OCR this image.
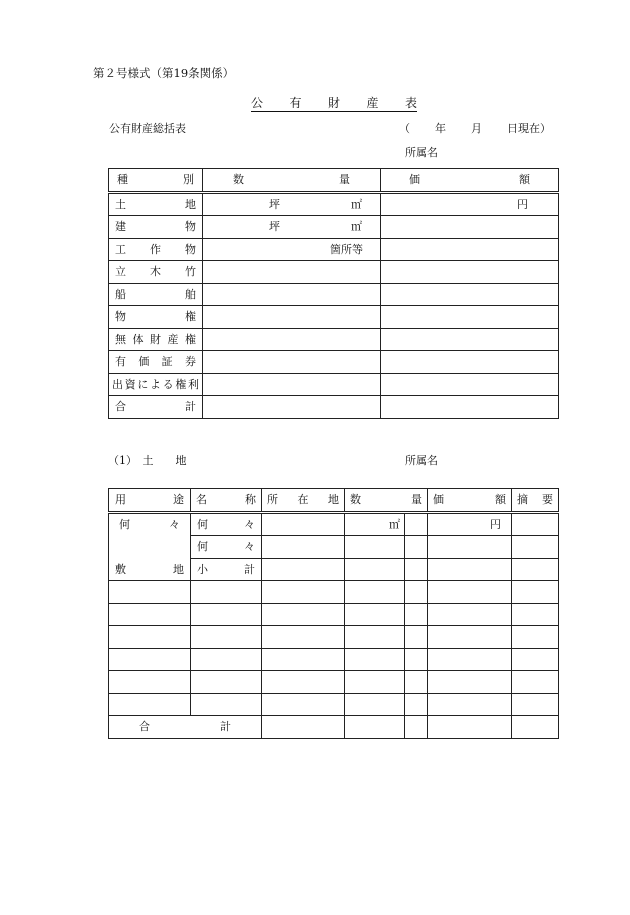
第２号様式（第19条関係）
公 有 財 産 表
公有財産総括表	（ 年 月 日現在）
所属名
種別	数量	価額
土地	坪 ㎡	円
建物	坪 ㎡	

工作物	箇所等	

立木竹		
船舶		
物権		
無体財産権		
有価証券		
出資による権利		
合計		
（1）　土　　地	所属名
用途	名称	所在地	数量		価額	摘要
何々	何々		㎡		円	
	何々					
敷地	小計					

合計						
